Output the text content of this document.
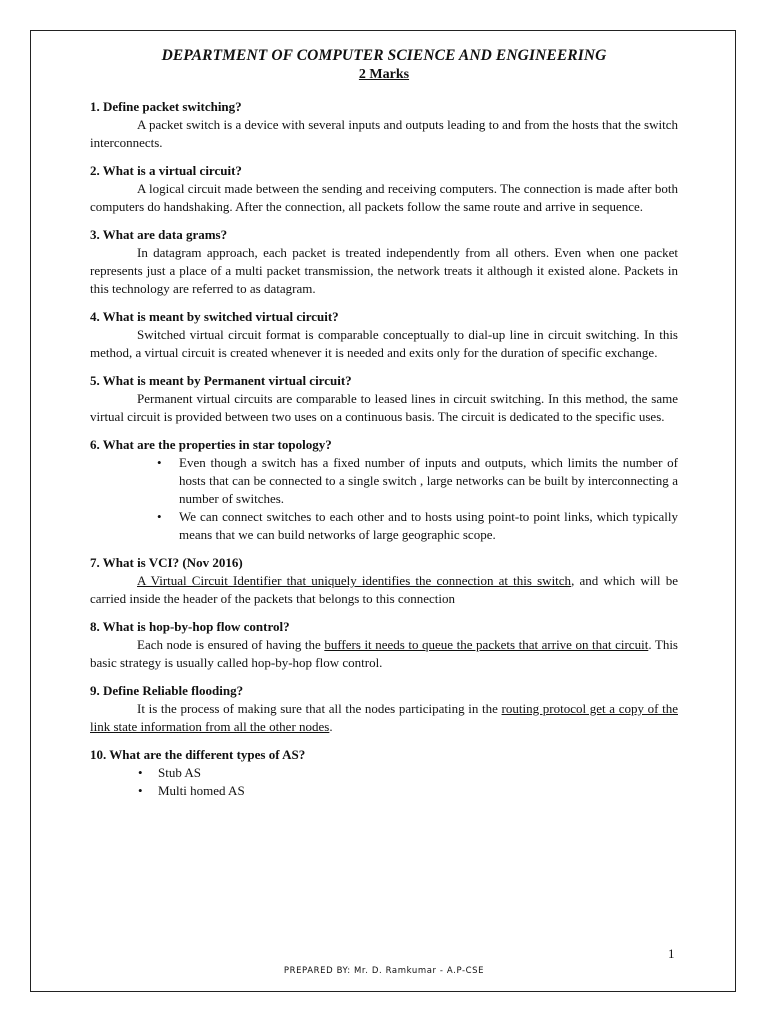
DEPARTMENT OF COMPUTER SCIENCE AND ENGINEERING
2 Marks
1. Define packet switching?
A packet switch is a device with several inputs and outputs leading to and from the hosts that the switch interconnects.
2. What is a virtual circuit?
A logical circuit made between the sending and receiving computers. The connection is made after both computers do handshaking. After the connection, all packets follow the same route and arrive in sequence.
3. What are data grams?
In datagram approach, each packet is treated independently from all others. Even when one packet represents just a place of a multi packet transmission, the network treats it although it existed alone. Packets in this technology are referred to as datagram.
4. What is meant by switched virtual circuit?
Switched virtual circuit format is comparable conceptually to dial-up line in circuit switching. In this method, a virtual circuit is created whenever it is needed and exits only for the duration of specific exchange.
5. What is meant by Permanent virtual circuit?
Permanent virtual circuits are comparable to leased lines in circuit switching. In this method, the same virtual circuit is provided between two uses on a continuous basis. The circuit is dedicated to the specific uses.
6. What are the properties in star topology?
• Even though a switch has a fixed number of inputs and outputs, which limits the number of hosts that can be connected to a single switch , large networks can be built by interconnecting a number of switches.
• We can connect switches to each other and to hosts using point-to point links, which typically means that we can build networks of large geographic scope.
7. What is VCI? (Nov 2016)
A Virtual Circuit Identifier that uniquely identifies the connection at this switch, and which will be carried inside the header of the packets that belongs to this connection
8. What is hop-by-hop flow control?
Each node is ensured of having the buffers it needs to queue the packets that arrive on that circuit. This basic strategy is usually called hop-by-hop flow control.
9. Define Reliable flooding?
It is the process of making sure that all the nodes participating in the routing protocol get a copy of the link state information from all the other nodes.
10. What are the different types of AS?
• Stub AS
• Multi homed AS
1
PREPARED BY: Mr. D. Ramkumar - A.P-CSE
